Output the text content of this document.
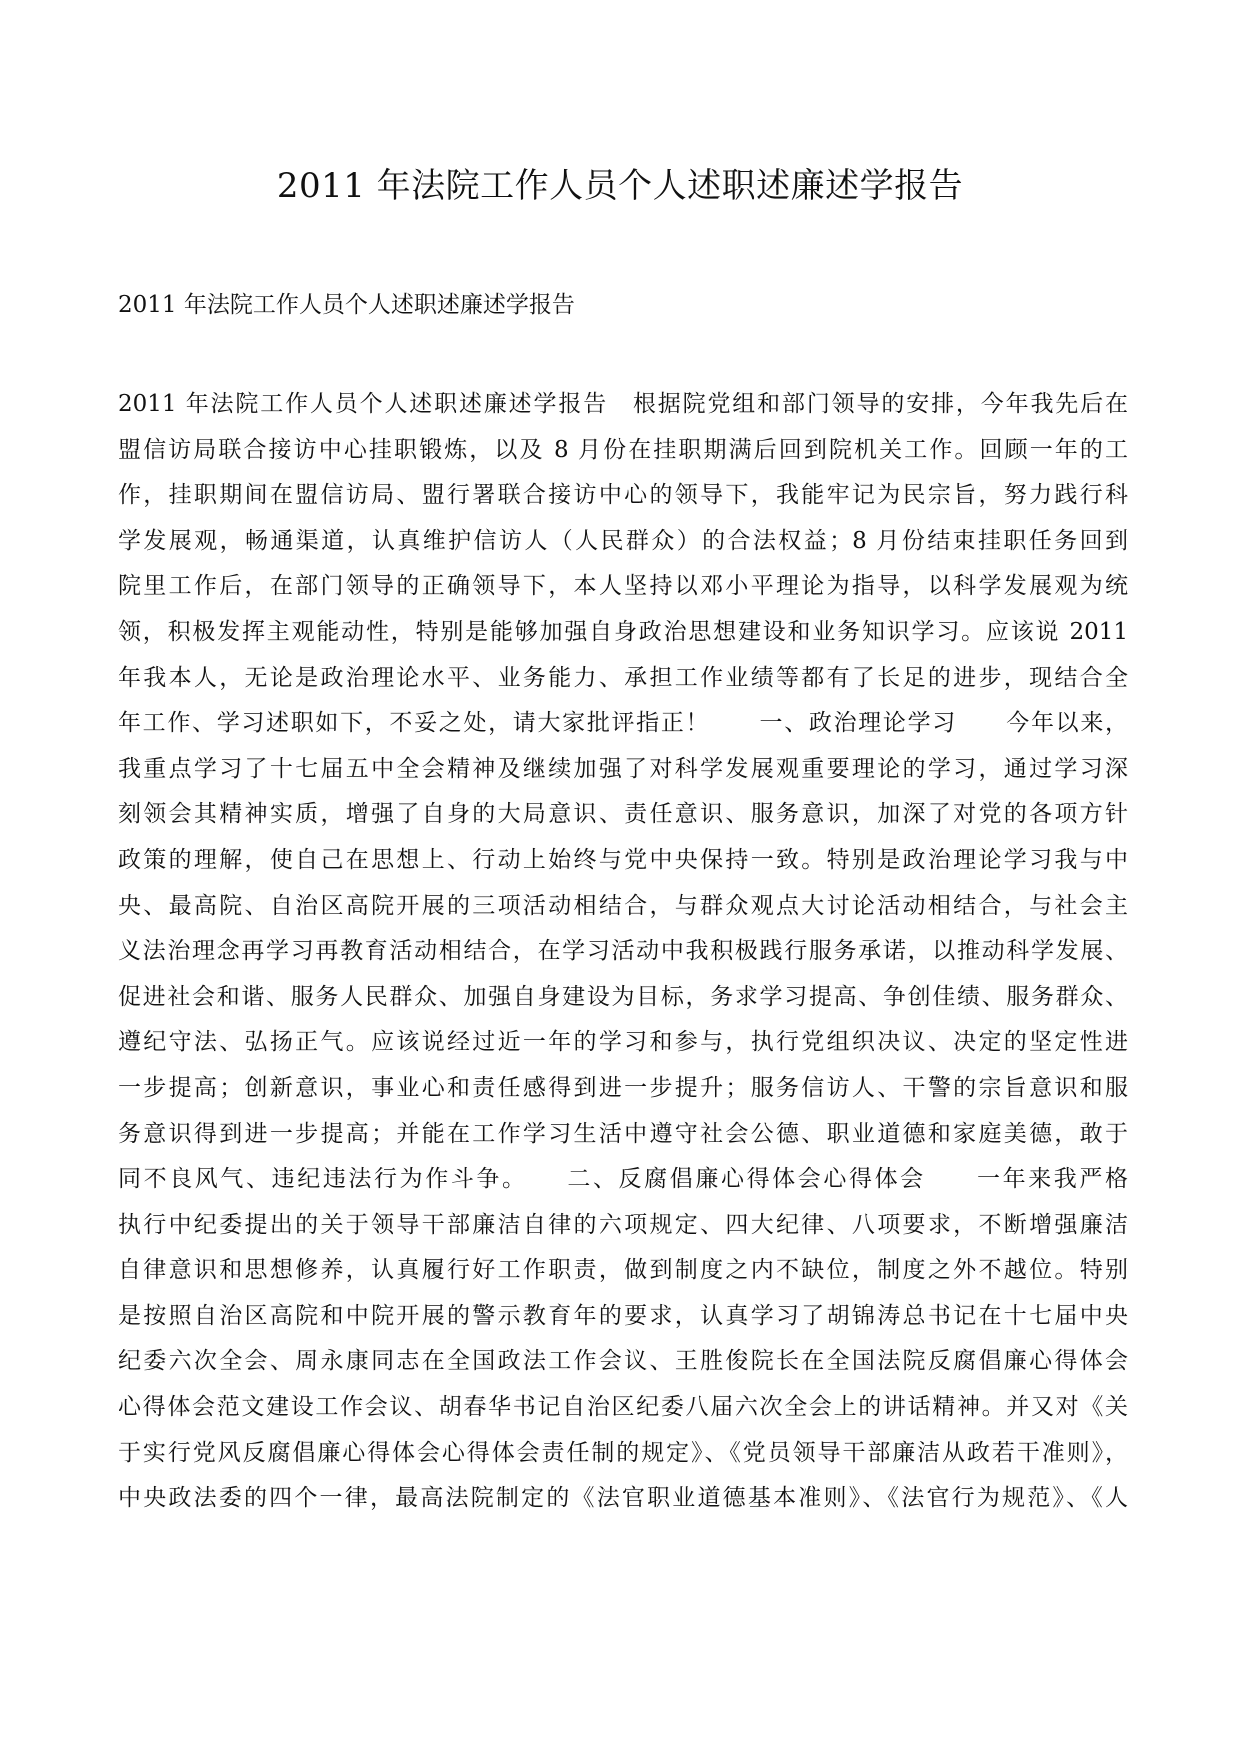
2011 年法院工作人员个人述职述廉述学报告

2011 年法院工作人员个人述职述廉述学报告

2011 年法院工作人员个人述职述廉述学报告　根据院党组和部门领导的安排，今年我先后在
盟信访局联合接访中心挂职锻炼，以及 8 月份在挂职期满后回到院机关工作。回顾一年的工
作，挂职期间在盟信访局、盟行署联合接访中心的领导下，我能牢记为民宗旨，努力践行科
学发展观，畅通渠道，认真维护信访人（人民群众）的合法权益；8 月份结束挂职任务回到
院里工作后，在部门领导的正确领导下，本人坚持以邓小平理论为指导，以科学发展观为统
领，积极发挥主观能动性，特别是能够加强自身政治思想建设和业务知识学习。应该说 2011
年我本人，无论是政治理论水平、业务能力、承担工作业绩等都有了长足的进步，现结合全
年工作、学习述职如下，不妥之处，请大家批评指正！　　一、政治理论学习　　今年以来，
我重点学习了十七届五中全会精神及继续加强了对科学发展观重要理论的学习，通过学习深
刻领会其精神实质，增强了自身的大局意识、责任意识、服务意识，加深了对党的各项方针
政策的理解，使自己在思想上、行动上始终与党中央保持一致。特别是政治理论学习我与中
央、最高院、自治区高院开展的三项活动相结合，与群众观点大讨论活动相结合，与社会主
义法治理念再学习再教育活动相结合，在学习活动中我积极践行服务承诺，以推动科学发展、
促进社会和谐、服务人民群众、加强自身建设为目标，务求学习提高、争创佳绩、服务群众、
遵纪守法、弘扬正气。应该说经过近一年的学习和参与，执行党组织决议、决定的坚定性进
一步提高；创新意识，事业心和责任感得到进一步提升；服务信访人、干警的宗旨意识和服
务意识得到进一步提高；并能在工作学习生活中遵守社会公德、职业道德和家庭美德，敢于
同不良风气、违纪违法行为作斗争。　　二、反腐倡廉心得体会心得体会　　一年来我严格
执行中纪委提出的关于领导干部廉洁自律的六项规定、四大纪律、八项要求，不断增强廉洁
自律意识和思想修养，认真履行好工作职责，做到制度之内不缺位，制度之外不越位。特别
是按照自治区高院和中院开展的警示教育年的要求，认真学习了胡锦涛总书记在十七届中央
纪委六次全会、周永康同志在全国政法工作会议、王胜俊院长在全国法院反腐倡廉心得体会
心得体会范文建设工作会议、胡春华书记自治区纪委八届六次全会上的讲话精神。并又对《关
于实行党风反腐倡廉心得体会心得体会责任制的规定》、《党员领导干部廉洁从政若干准则》，
中央政法委的四个一律，最高法院制定的《法官职业道德基本准则》、《法官行为规范》、《人
